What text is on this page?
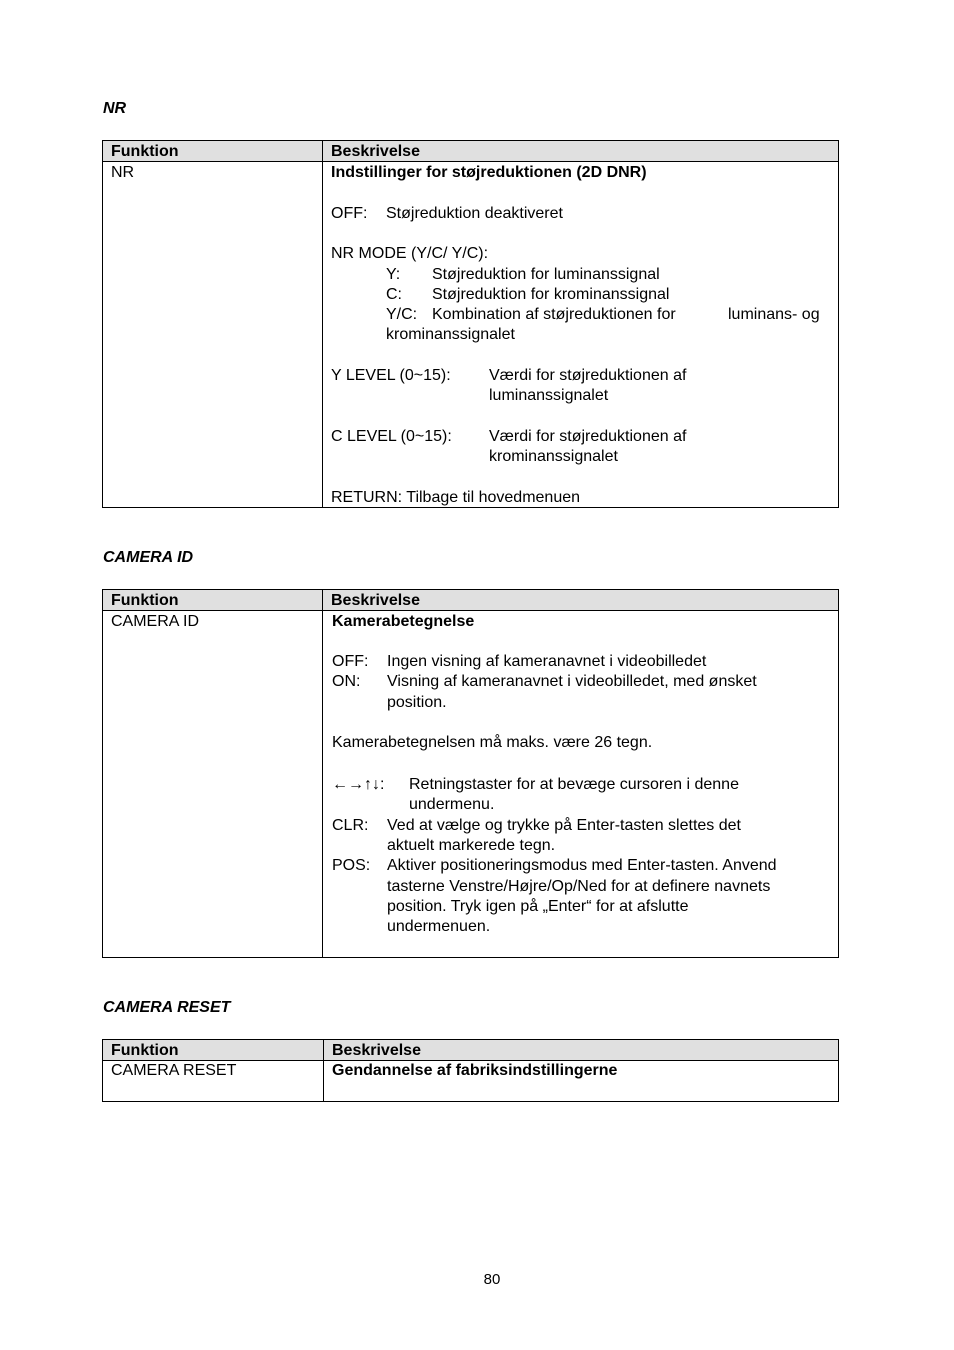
NR
Funktion	Beskrivelse
NR	Indstillinger for støjreduktionen (2D DNR)
OFF: Støjreduktion deaktiveret
NR MODE (Y/C/ Y/C):
Y: Støjreduktion for luminanssignal
C: Støjreduktion for krominanssignal
Y/C: Kombination af støjreduktionen for	luminans- og
krominanssignalet
Y LEVEL (0~15): Værdi for støjreduktionen af
luminanssignalet
C LEVEL (0~15): Værdi for støjreduktionen af
krominanssignalet
RETURN: Tilbage til hovedmenuen
CAMERA ID
Funktion	Beskrivelse
CAMERA ID	Kamerabetegnelse
OFF: Ingen visning af kameranavnet i videobilledet
ON: Visning af kameranavnet i videobilledet, med ønsket
position.
Kamerabetegnelsen må maks. være 26 tegn.
←→↑↓: Retningstaster for at bevæge cursoren i denne
undermenu.
CLR: Ved at vælge og trykke på Enter-tasten slettes det
aktuelt markerede tegn.
POS: Aktiver positioneringsmodus med Enter-tasten. Anvend
tasterne Venstre/Højre/Op/Ned for at definere navnets
position. Tryk igen på „Enter“ for at afslutte
undermenuen.
CAMERA RESET
Funktion	Beskrivelse
CAMERA RESET	Gendannelse af fabriksindstillingerne
80
